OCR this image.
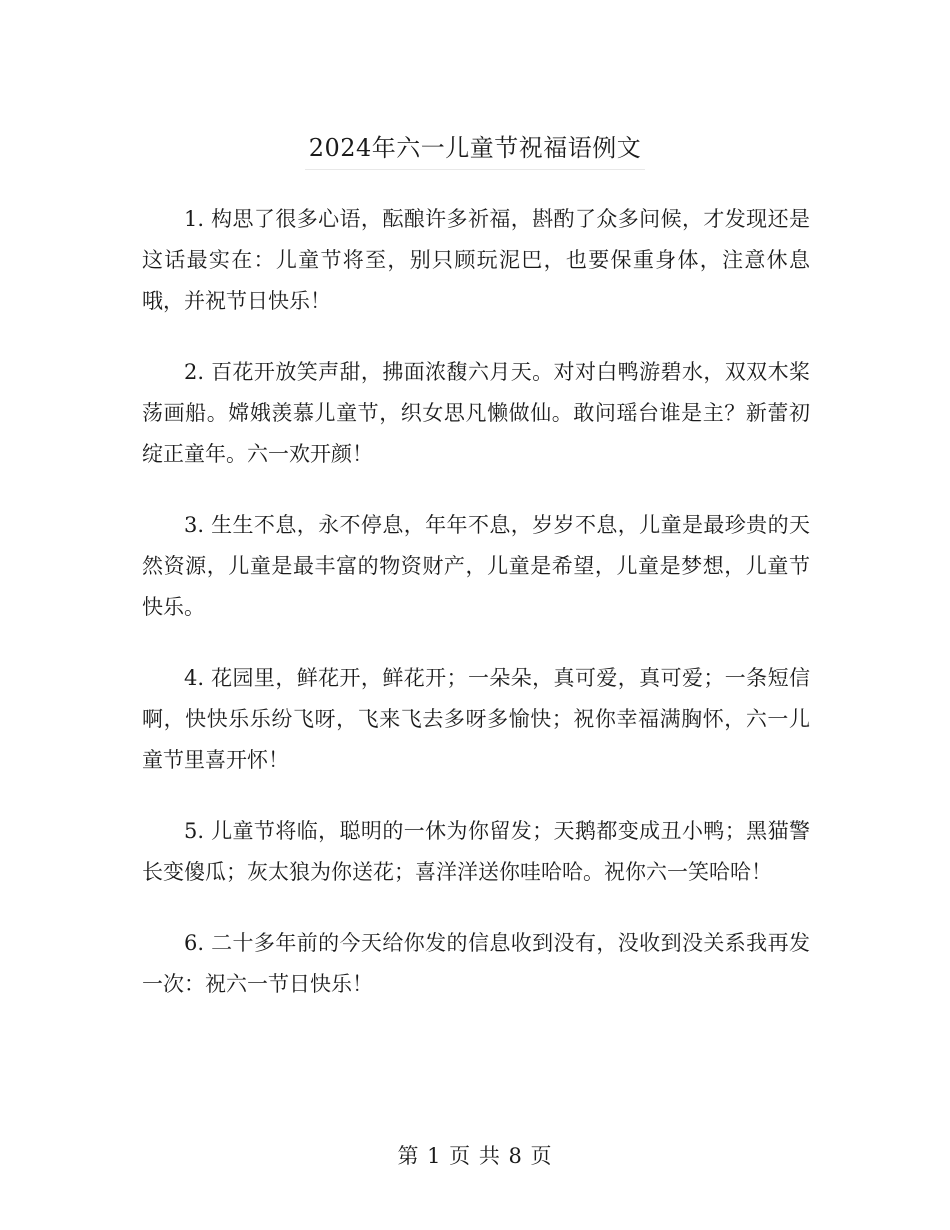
2024年六一儿童节祝福语例文

1. 构思了很多心语，酝酿许多祈福，斟酌了众多问候，才发现还是这话最实在：儿童节将至，别只顾玩泥巴，也要保重身体，注意休息哦，并祝节日快乐！

2. 百花开放笑声甜，拂面浓馥六月天。对对白鸭游碧水，双双木桨荡画船。嫦娥羡慕儿童节，织女思凡懒做仙。敢问瑶台谁是主？新蕾初绽正童年。六一欢开颜！

3. 生生不息，永不停息，年年不息，岁岁不息，儿童是最珍贵的天然资源，儿童是最丰富的物资财产，儿童是希望，儿童是梦想，儿童节快乐。

4. 花园里，鲜花开，鲜花开；一朵朵，真可爱，真可爱；一条短信啊，快快乐乐纷飞呀，飞来飞去多呀多愉快；祝你幸福满胸怀，六一儿童节里喜开怀！

5. 儿童节将临，聪明的一休为你留发；天鹅都变成丑小鸭；黑猫警长变傻瓜；灰太狼为你送花；喜洋洋送你哇哈哈。祝你六一笑哈哈！

6. 二十多年前的今天给你发的信息收到没有，没收到没关系我再发一次：祝六一节日快乐！

第 1 页 共 8 页
